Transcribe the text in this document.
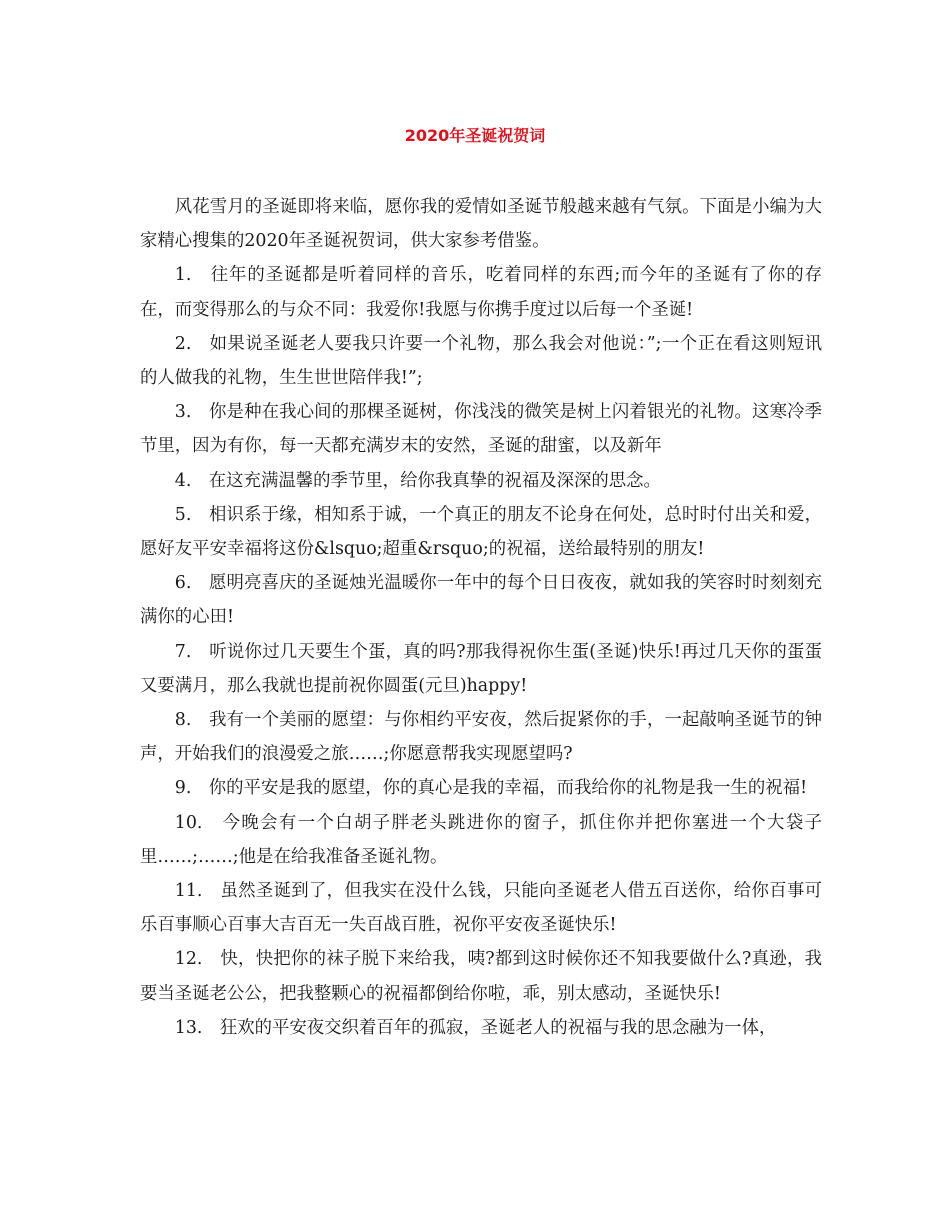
2020年圣诞祝贺词

风花雪月的圣诞即将来临，愿你我的爱情如圣诞节般越来越有气氛。下面是小编为大家精心搜集的2020年圣诞祝贺词，供大家参考借鉴。

1.　往年的圣诞都是听着同样的音乐，吃着同样的东西;而今年的圣诞有了你的存在，而变得那么的与众不同：我爱你!我愿与你携手度过以后每一个圣诞!

2.　如果说圣诞老人要我只许要一个礼物，那么我会对他说：”;一个正在看这则短讯的人做我的礼物，生生世世陪伴我!”;

3.　你是种在我心间的那棵圣诞树，你浅浅的微笑是树上闪着银光的礼物。这寒冷季节里，因为有你，每一天都充满岁末的安然，圣诞的甜蜜，以及新年

4.　在这充满温馨的季节里，给你我真挚的祝福及深深的思念。

5.　相识系于缘，相知系于诚，一个真正的朋友不论身在何处，总时时付出关和爱，愿好友平安幸福将这份&lsquo;超重&rsquo;的祝福，送给最特别的朋友!

6.　愿明亮喜庆的圣诞烛光温暖你一年中的每个日日夜夜，就如我的笑容时时刻刻充满你的心田!

7.　听说你过几天要生个蛋，真的吗?那我得祝你生蛋(圣诞)快乐!再过几天你的蛋蛋又要满月，那么我就也提前祝你圆蛋(元旦)happy!

8.　我有一个美丽的愿望：与你相约平安夜，然后捉紧你的手，一起敲响圣诞节的钟声，开始我们的浪漫爱之旅……;你愿意帮我实现愿望吗?

9.　你的平安是我的愿望，你的真心是我的幸福，而我给你的礼物是我一生的祝福!

10.　今晚会有一个白胡子胖老头跳进你的窗子，抓住你并把你塞进一个大袋子里……;……;他是在给我准备圣诞礼物。

11.　虽然圣诞到了，但我实在没什么钱，只能向圣诞老人借五百送你，给你百事可乐百事顺心百事大吉百无一失百战百胜，祝你平安夜圣诞快乐!

12.　快，快把你的袜子脱下来给我，咦?都到这时候你还不知我要做什么?真逊，我要当圣诞老公公，把我整颗心的祝福都倒给你啦，乖，别太感动，圣诞快乐!

13.　狂欢的平安夜交织着百年的孤寂，圣诞老人的祝福与我的思念融为一体，
